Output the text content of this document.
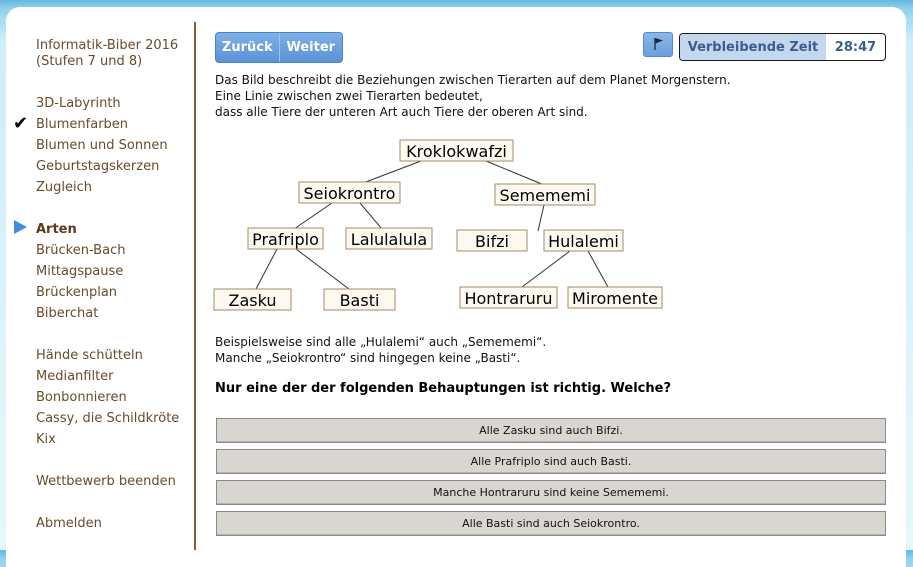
Informatik-Biber 2016
(Stufen 7 und 8)
3D-Labyrinth
✔ Blumenfarben
Blumen und Sonnen
Geburtstagskerzen
Zugleich
Arten
Brücken-Bach
Mittagspause
Brückenplan
Biberchat
Hände schütteln
Medianfilter
Bonbonnieren
Cassy, die Schildkröte
Kix
Wettbewerb beenden
Abmelden
Zurück	Weiter	Verbleibende Zeit	28:47
Das Bild beschreibt die Beziehungen zwischen Tierarten auf dem Planet Morgenstern.
Eine Linie zwischen zwei Tierarten bedeutet,
dass alle Tiere der unteren Art auch Tiere der oberen Art sind.
Kroklokwafzi
Seiokrontro	Semememi
Prafriplo Lalulalula	Bifzi Hulalemi
Zasku	Basti	Hontraruru Miromente
Beispielsweise sind alle „Hulalemi“ auch „Semememi“.
Manche „Seiokrontro“ sind hingegen keine „Basti“.
Nur eine der der folgenden Behauptungen ist richtig. Welche?
Alle Zasku sind auch Bifzi.
Alle Prafriplo sind auch Basti.
Manche Hontraruru sind keine Semememi.
Alle Basti sind auch Seiokrontro.
